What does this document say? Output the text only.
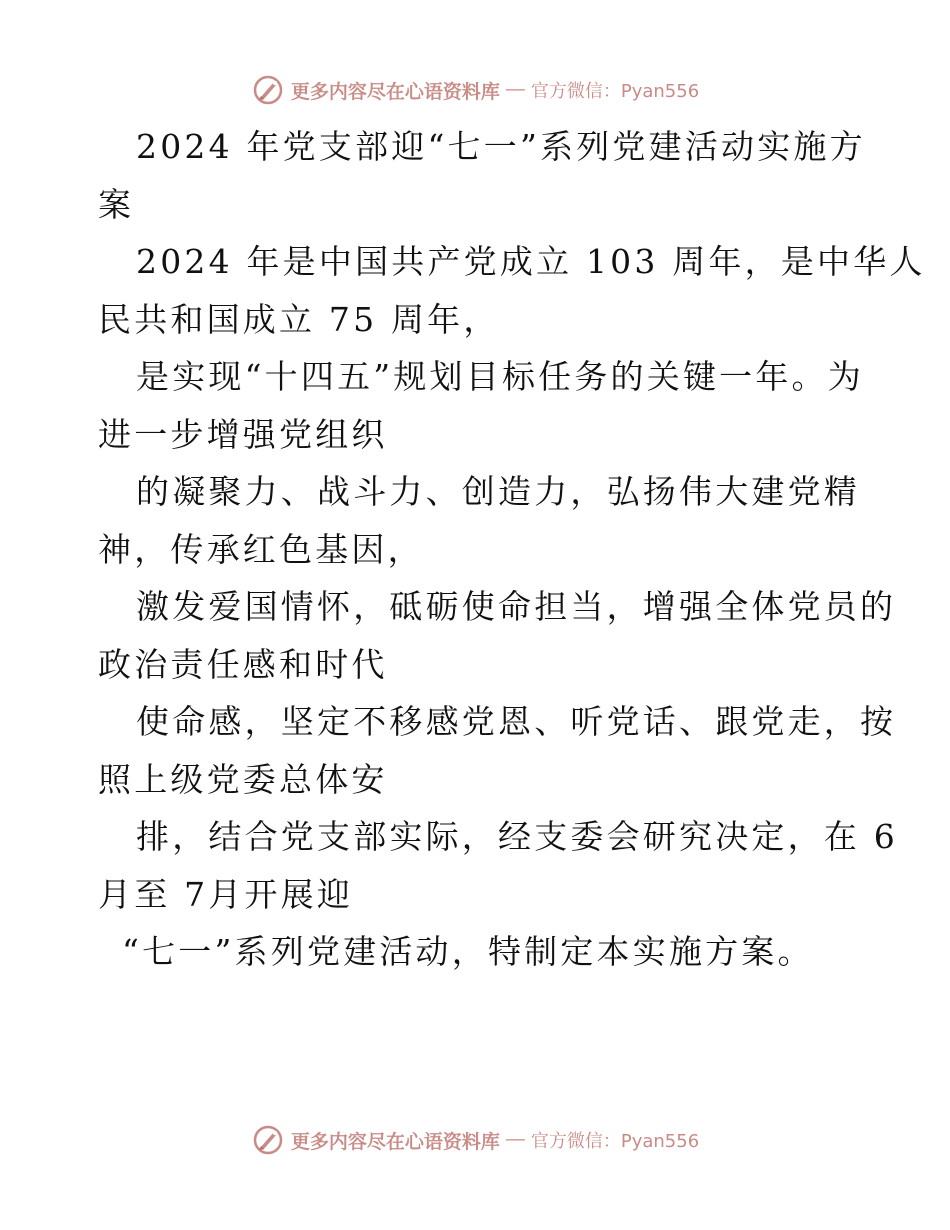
更多内容尽在心语资料库 — 官方微信：Pyan556
2024 年党支部迎“七一”系列党建活动实施方
案
2024 年是中国共产党成立 103 周年，是中华人
民共和国成立 75 周年，
是实现“十四五”规划目标任务的关键一年。为
进一步增强党组织
的凝聚力、战斗力、创造力，弘扬伟大建党精
神，传承红色基因，
激发爱国情怀，砥砺使命担当，增强全体党员的
政治责任感和时代
使命感，坚定不移感党恩、听党话、跟党走，按
照上级党委总体安
排，结合党支部实际，经支委会研究决定，在 6
月至 7月开展迎
“七一”系列党建活动，特制定本实施方案。
更多内容尽在心语资料库 — 官方微信：Pyan556
